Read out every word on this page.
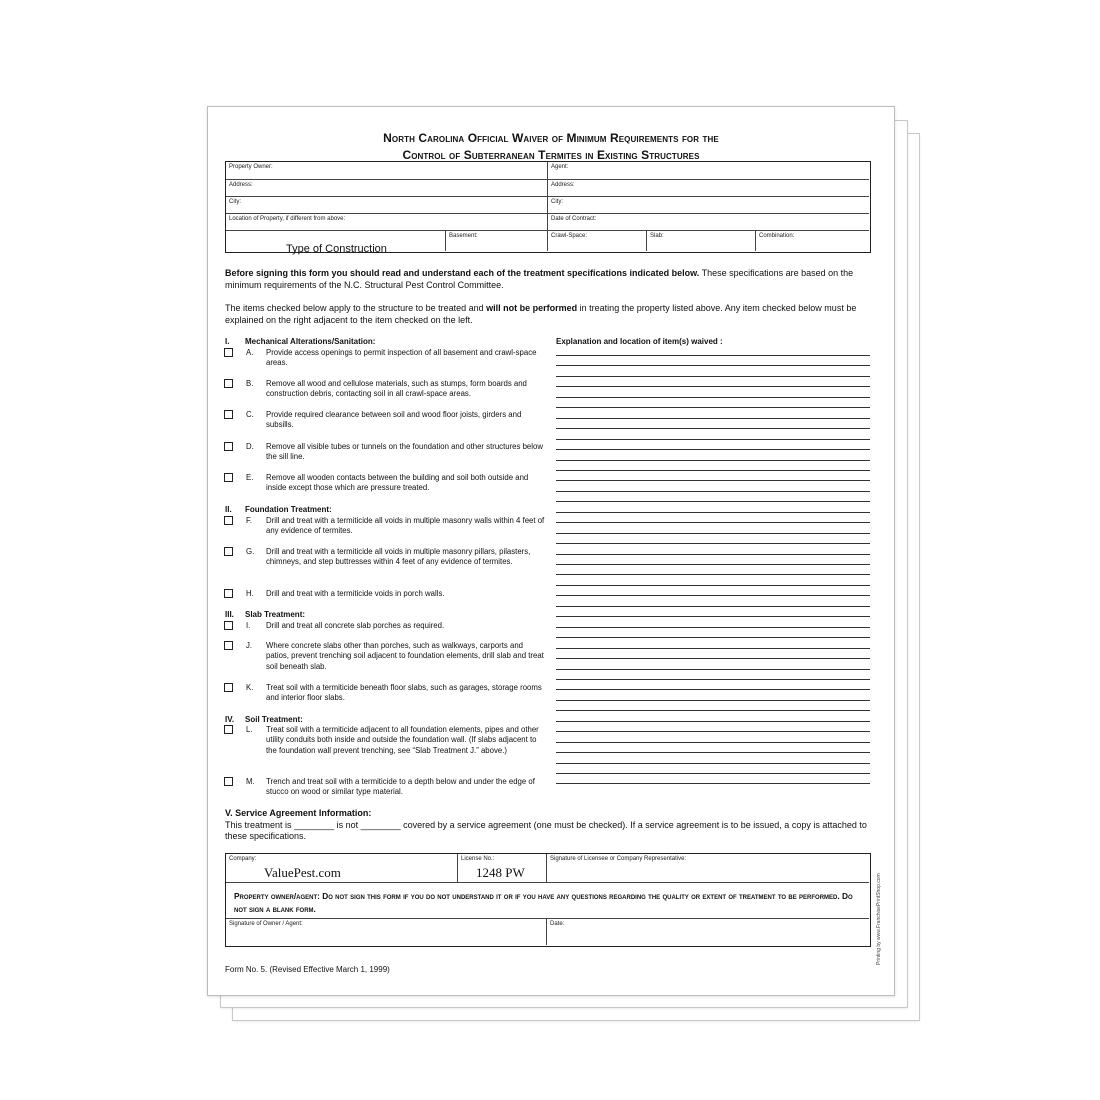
North Carolina Official Waiver of Minimum Requirements for the
Control of Subterranean Termites in Existing Structures
Property Owner:	Agent:
Address:	Address:
City:	City:
Location of Property, if different from above:	Date of Contract:
Type of Construction
Basement:	Crawl-Space:	Slab:	Combination:
Before signing this form you should read and understand each of the treatment specifications indicated below. These specifications are based on the minimum requirements of the N.C. Structural Pest Control Committee.
The items checked below apply to the structure to be treated and will not be performed in treating the property listed above. Any item checked below must be explained on the right adjacent to the item checked on the left.
Explanation and location of item(s) waived :
I. Mechanical Alterations/Sanitation:
II. Foundation Treatment:
III. Slab Treatment:
IV. Soil Treatment:
A. Provide access openings to permit inspection of all basement and crawl-space areas.
B. Remove all wood and cellulose materials, such as stumps, form boards and construction debris, contacting soil in all crawl-space areas.
C. Provide required clearance between soil and wood floor joists, girders and subsills.
D. Remove all visible tubes or tunnels on the foundation and other structures below the sill line.
E. Remove all wooden contacts between the building and soil both outside and inside except those which are pressure treated.
F. Drill and treat with a termiticide all voids in multiple masonry walls within 4 feet of any evidence of termites.
G. Drill and treat with a termiticide all voids in multiple masonry pillars, pilasters, chimneys, and step buttresses within 4 feet of any evidence of termites.
H. Drill and treat with a termiticide voids in porch walls.
I. Drill and treat all concrete slab porches as required.
J. Where concrete slabs other than porches, such as walkways, carports and patios, prevent trenching soil adjacent to foundation elements, drill slab and treat soil beneath slab.
K. Treat soil with a termiticide beneath floor slabs, such as garages, storage rooms and interior floor slabs.
L. Treat soil with a termiticide adjacent to all foundation elements, pipes and other utility conduits both inside and outside the foundation wall. (If slabs adjacent to the foundation wall prevent trenching, see “Slab Treatment J.” above.)
M. Trench and treat soil with a termiticide to a depth below and under the edge of stucco on wood or similar type material.
V. Service Agreement Information:
This treatment is ________ is not ________ covered by a service agreement (one must be checked). If a service agreement is to be issued, a copy is attached to these specifications.
Company:
ValuePest.com
License No.:
1248 PW
Signature of Licensee or Company Representative:
Property owner/agent: Do not sign this form if you do not understand it or if you have any questions regarding the quality or extent of treatment to be performed. Do not sign a blank form.
Signature of Owner / Agent:	Date:
Form No. 5. (Revised Effective March 1, 1999)
Printing by www.FranchisePrintShop.com
